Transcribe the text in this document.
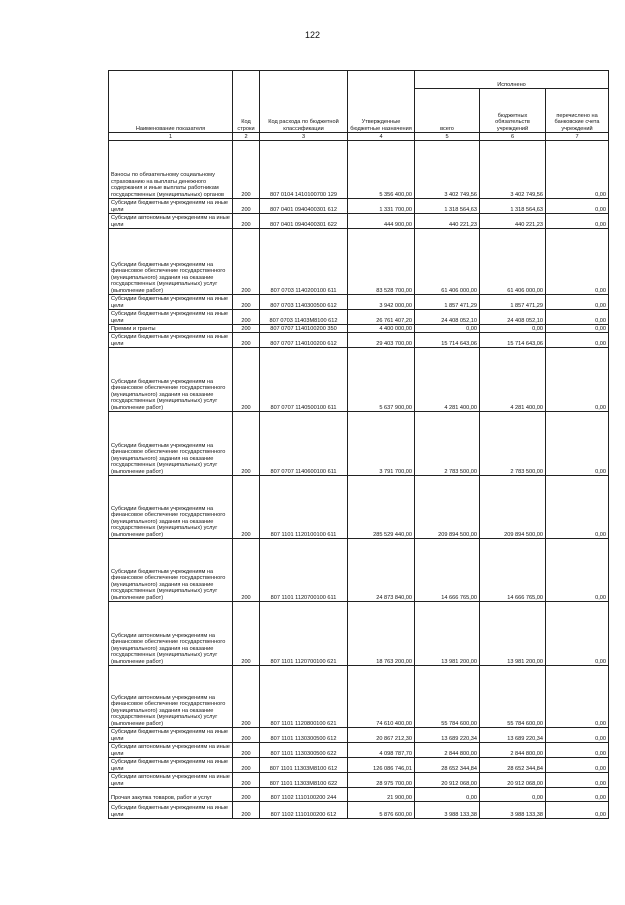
122
Наименование показателя	Код строки	Код расхода по бюджетной классификации	Утвержденные бюджетные назначения	Исполнено		
				всего	бюджетных обязательств учреждений	перечислено на банковские счета учреждений
1	2	3	4	5	6	7
Взносы по обязательному социальному страхованию на выплаты денежного содержания и иные выплаты работникам государственных (муниципальных) органов	200	807 0104 1410100700 129	5 356 400,00	3 402 749,56	3 402 749,56	0,00
Субсидии бюджетным учреждениям на иные цели	200	807 0401 0940400301 612	1 331 700,00	1 318 564,63	1 318 564,63	0,00
Субсидии автономным учреждениям на иные цели	200	807 0401 0940400301 622	444 900,00	440 221,23	440 221,23	0,00
Субсидии бюджетным учреждениям на финансовое обеспечение государственного (муниципального) задания на оказание государственных (муниципальных) услуг (выполнение работ)	200	807 0703 1140200100 611	83 528 700,00	61 406 000,00	61 406 000,00	0,00
Субсидии бюджетным учреждениям на иные цели	200	807 0703 1140300500 612	3 942 000,00	1 857 471,29	1 857 471,29	0,00
Субсидии бюджетным учреждениям на иные цели	200	807 0703 11403M8100 612	26 761 407,20	24 408 052,10	24 408 052,10	0,00
Премии и гранты	200	807 0707 1140100200 350	4 400 000,00	0,00	0,00	0,00
Субсидии бюджетным учреждениям на иные цели	200	807 0707 1140100200 612	29 403 700,00	15 714 643,06	15 714 643,06	0,00
Субсидии бюджетным учреждениям на финансовое обеспечение государственного (муниципального) задания на оказание государственных (муниципальных) услуг (выполнение работ)	200	807 0707 1140500100 611	5 637 900,00	4 281 400,00	4 281 400,00	0,00
Субсидии бюджетным учреждениям на финансовое обеспечение государственного (муниципального) задания на оказание государственных (муниципальных) услуг (выполнение работ)	200	807 0707 1140600100 611	3 791 700,00	2 783 500,00	2 783 500,00	0,00
Субсидии бюджетным учреждениям на финансовое обеспечение государственного (муниципального) задания на оказание государственных (муниципальных) услуг (выполнение работ)	200	807 1101 1120100100 611	285 529 440,00	209 894 500,00	209 894 500,00	0,00
Субсидии бюджетным учреждениям на финансовое обеспечение государственного (муниципального) задания на оказание государственных (муниципальных) услуг (выполнение работ)	200	807 1101 1120700100 611	24 873 840,00	14 666 765,00	14 666 765,00	0,00
Субсидии автономным учреждениям на финансовое обеспечение государственного (муниципального) задания на оказание государственных (муниципальных) услуг (выполнение работ)	200	807 1101 1120700100 621	18 763 200,00	13 981 200,00	13 981 200,00	0,00
Субсидии автономным учреждениям на финансовое обеспечение государственного (муниципального) задания на оказание государственных (муниципальных) услуг (выполнение работ)	200	807 1101 1120800100 621	74 610 400,00	55 784 600,00	55 784 600,00	0,00
Субсидии бюджетным учреждениям на иные цели	200	807 1101 1130300500 612	20 867 212,30	13 689 220,34	13 689 220,34	0,00
Субсидии автономным учреждениям на иные цели	200	807 1101 1130300500 622	4 098 787,70	2 844 800,00	2 844 800,00	0,00
Субсидии бюджетным учреждениям на иные цели	200	807 1101 11303M8100 612	126 086 746,01	28 652 344,84	28 652 344,84	0,00
Субсидии автономным учреждениям на иные цели	200	807 1101 11303M8100 622	28 975 700,00	20 912 068,00	20 912 068,00	0,00
Прочая закупка товаров, работ и услуг	200	807 1102 1110100200 244	21 900,00	0,00	0,00	0,00
Субсидии бюджетным учреждениям на иные цели	200	807 1102 1110100200 612	5 876 600,00	3 988 133,38	3 988 133,38	0,00
